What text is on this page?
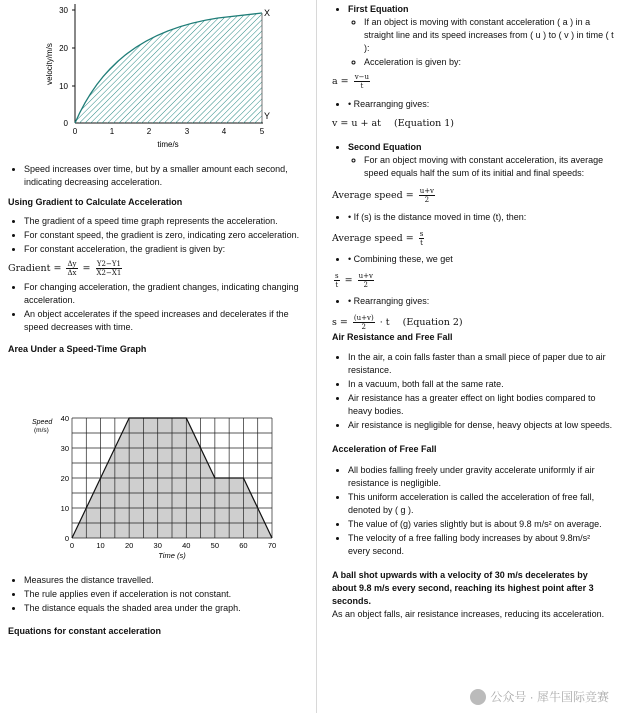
X
Y
30
20
10
0
0	1	2	3	4	5
time/s
velocity/m/s
• Speed increases over time, but by a smaller amount each second, indicating decreasing acceleration.

Using Gradient to Calculate Acceleration

• The gradient of a speed time graph represents the acceleration.
• For constant speed, the gradient is zero, indicating zero acceleration.
• For constant acceleration, the gradient is given by:
Gradient = $\frac{\Delta y}{\Delta x} = \frac{Y2-Y1}{X2-X1}$
• For changing acceleration, the gradient changes, indicating changing acceleration.
• An object accelerates if the speed increases and decelerates if the speed decreases with time.

Area Under a Speed-Time Graph

0	10	20	30	40	50	60	70
0
10
20
30
40
Time (s)
Speed
(m/s)
• Measures the distance travelled.
• The rule applies even if acceleration is not constant.
• The distance equals the shaded area under the graph.

Equations for constant acceleration

• First Equation
◦ If an object is moving with constant acceleration ( a ) in a straight line and its speed increases from ( u ) to ( v ) in time ( t ):
◦ Acceleration is given by:
$a = \frac{v-u}{t}$
• • Rearranging gives:
v = u + at (Equation 1)
• Second Equation
◦ For an object moving with constant acceleration, its average speed equals half the sum of its initial and final speeds:
Average speed = $\frac{u+v}{2}$
• • If (s) is the distance moved in time (t), then:
Average speed = $\frac{s}{t}$
• • Combining these, we get
$\frac{s}{t} = \frac{u+v}{2}$
• • Rearranging gives:
$s = \frac{(u+v)}{2} \cdot t$ (Equation 2)

Air Resistance and Free Fall

• In the air, a coin falls faster than a small piece of paper due to air resistance.
• In a vacuum, both fall at the same rate.
• Air resistance has a greater effect on light bodies compared to heavy bodies.
• Air resistance is negligible for dense, heavy objects at low speeds.

Acceleration of Free Fall

• All bodies falling freely under gravity accelerate uniformly if air resistance is negligible.
• This uniform acceleration is called the acceleration of free fall, denoted by ( g ).
• The value of (g) varies slightly but is about 9.8 m/s² on average.
• The velocity of a free falling body increases by about 9.8m/s² every second.

A ball shot upwards with a velocity of 30 m/s decelerates by about 9.8 m/s every second, reaching its highest point after 3 seconds.

As an object falls, air resistance increases, reducing its acceleration.

公众号 · 犀牛国际竞赛
